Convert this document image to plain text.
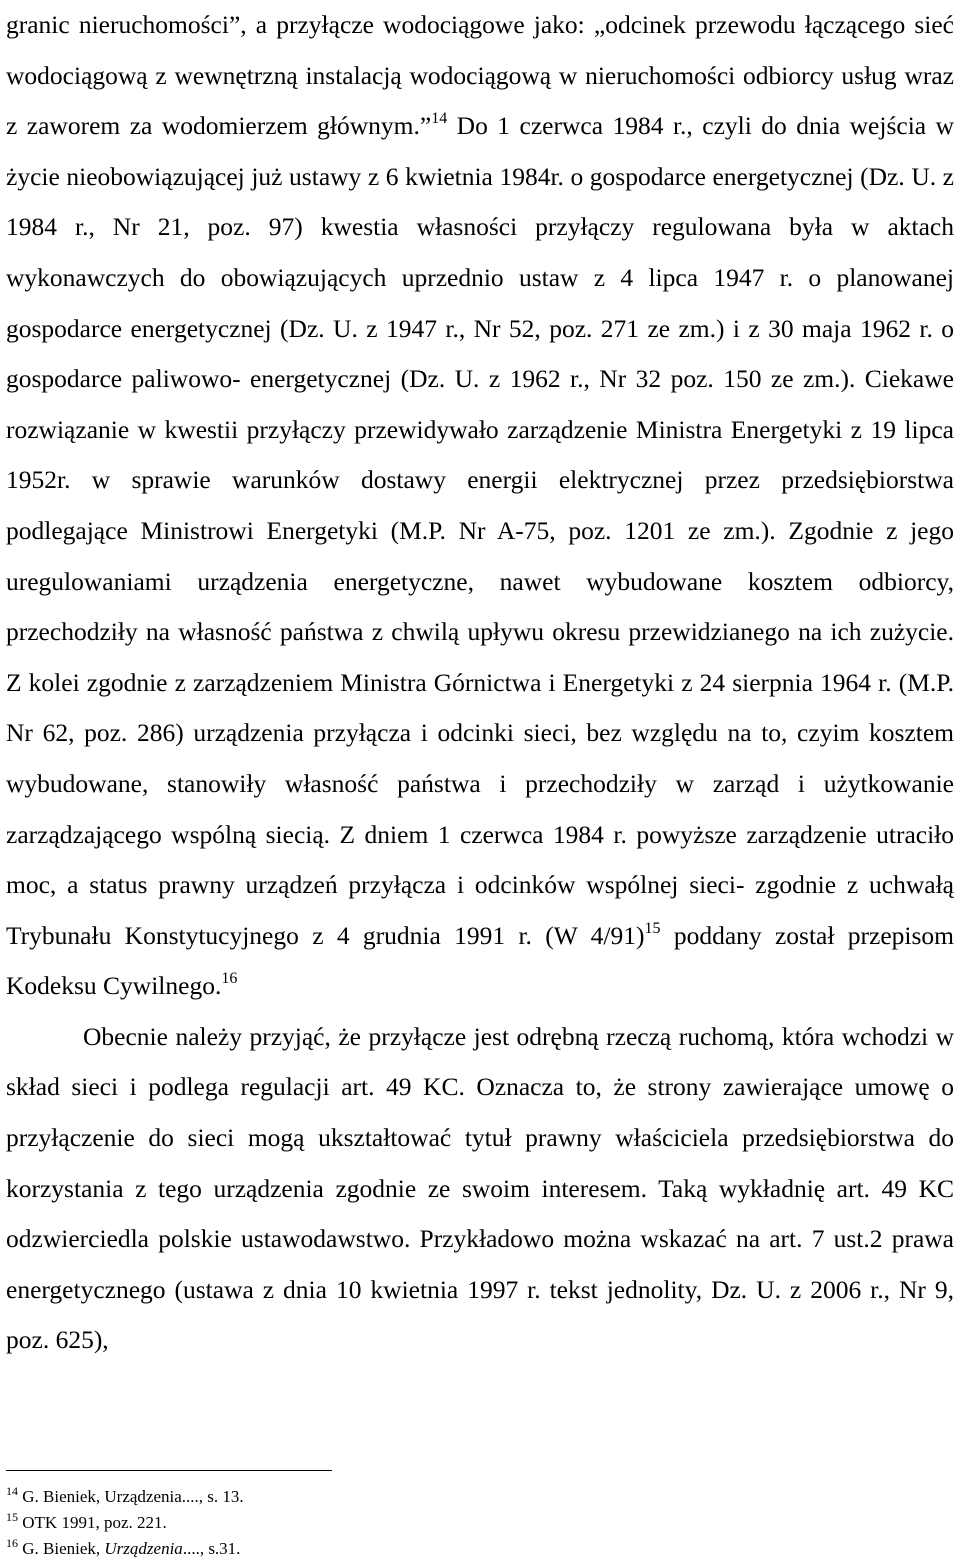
granic nieruchomości”, a przyłącze wodociągowe jako: „odcinek przewodu łączącego sieć wodociągową z wewnętrzną instalacją wodociągową w nieruchomości odbiorcy usług wraz z zaworem za wodomierzem głównym.”$^{14}$ Do 1 czerwca 1984 r., czyli do dnia wejścia w życie nieobowiązującej już ustawy z 6 kwietnia 1984r. o gospodarce energetycznej (Dz. U. z 1984 r., Nr 21, poz. 97) kwestia własności przyłączy regulowana była w aktach wykonawczych do obowiązujących uprzednio ustaw z 4 lipca 1947 r. o planowanej gospodarce energetycznej (Dz. U. z 1947 r., Nr 52, poz. 271 ze zm.) i z 30 maja 1962 r. o gospodarce paliwowo- energetycznej (Dz. U. z 1962 r., Nr 32 poz. 150 ze zm.). Ciekawe rozwiązanie w kwestii przyłączy przewidywało zarządzenie Ministra Energetyki z 19 lipca 1952r. w sprawie warunków dostawy energii elektrycznej przez przedsiębiorstwa podlegające Ministrowi Energetyki (M.P. Nr A-75, poz. 1201 ze zm.). Zgodnie z jego uregulowaniami urządzenia energetyczne, nawet wybudowane kosztem odbiorcy, przechodziły na własność państwa z chwilą upływu okresu przewidzianego na ich zużycie. Z kolei zgodnie z zarządzeniem Ministra Górnictwa i Energetyki z 24 sierpnia 1964 r. (M.P. Nr 62, poz. 286) urządzenia przyłącza i odcinki sieci, bez względu na to, czyim kosztem wybudowane, stanowiły własność państwa i przechodziły w zarząd i użytkowanie zarządzającego wspólną siecią. Z dniem 1 czerwca 1984 r. powyższe zarządzenie utraciło moc, a status prawny urządzeń przyłącza i odcinków wspólnej sieci- zgodnie z uchwałą Trybunału Konstytucyjnego z 4 grudnia 1991 r. (W 4/91)$^{15}$ poddany został przepisom Kodeksu Cywilnego.$^{16}$

Obecnie należy przyjąć, że przyłącze jest odrębną rzeczą ruchomą, która wchodzi w skład sieci i podlega regulacji art. 49 KC. Oznacza to, że strony zawierające umowę o przyłączenie do sieci mogą ukształtować tytuł prawny właściciela przedsiębiorstwa do korzystania z tego urządzenia zgodnie ze swoim interesem. Taką wykładnię art. 49 KC odzwierciedla polskie ustawodawstwo. Przykładowo można wskazać na art. 7 ust.2 prawa energetycznego (ustawa z dnia 10 kwietnia 1997 r. tekst jednolity, Dz. U. z 2006 r., Nr 9, poz. 625),

$^{14}$ G. Bieniek, Urządzenia...., s. 13.
$^{15}$ OTK 1991, poz. 221.
$^{16}$ G. Bieniek, Urządzenia...., s.31.
